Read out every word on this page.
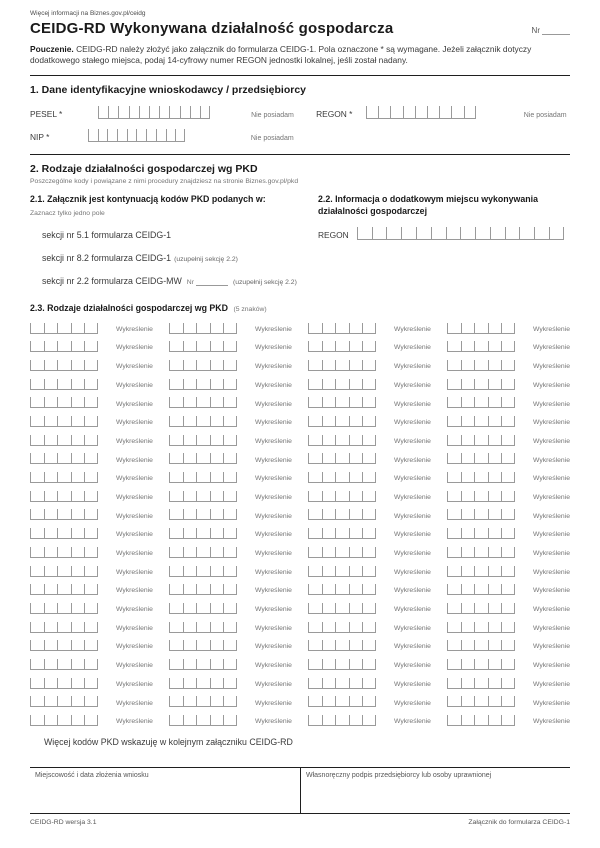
Więcej informacji na Biznes.gov.pl/ceidg
CEIDG-RD Wykonywana działalność gospodarcza	Nr
Pouczenie. CEIDG-RD należy złożyć jako załącznik do formularza CEIDG-1. Pola oznaczone * są wymagane. Jeżeli załącznik dotyczy dodatkowego stałego miejsca, podaj 14-cyfrowy numer REGON jednostki lokalnej, jeśli został nadany.
1. Dane identyfikacyjne wnioskodawcy / przedsiębiorcy
PESEL *	Nie posiadam	REGON *	Nie posiadam
NIP *	Nie posiadam
2. Rodzaje działalności gospodarczej wg PKD
Poszczególne kody i powiązane z nimi procedury znajdziesz na stronie Biznes.gov.pl/pkd
2.1. Załącznik jest kontynuacją kodów PKD podanych w:
Zaznacz tylko jedno pole
sekcji nr 5.1 formularza CEIDG-1
sekcji nr 8.2 formularza CEIDG-1 (uzupełnij sekcję 2.2)
sekcji nr 2.2 formularza CEIDG-MW Nr	(uzupełnij sekcję 2.2)
2.2. Informacja o dodatkowym miejscu wykonywania działalności gospodarczej
REGON
2.3. Rodzaje działalności gospodarczej wg PKD (5 znaków)
Wykreślenie	Wykreślenie	Wykreślenie	Wykreślenie
Wykreślenie	Wykreślenie	Wykreślenie	Wykreślenie
Wykreślenie	Wykreślenie	Wykreślenie	Wykreślenie
Wykreślenie	Wykreślenie	Wykreślenie	Wykreślenie
Wykreślenie	Wykreślenie	Wykreślenie	Wykreślenie
Wykreślenie	Wykreślenie	Wykreślenie	Wykreślenie
Wykreślenie	Wykreślenie	Wykreślenie	Wykreślenie
Wykreślenie	Wykreślenie	Wykreślenie	Wykreślenie
Wykreślenie	Wykreślenie	Wykreślenie	Wykreślenie
Wykreślenie	Wykreślenie	Wykreślenie	Wykreślenie
Wykreślenie	Wykreślenie	Wykreślenie	Wykreślenie
Wykreślenie	Wykreślenie	Wykreślenie	Wykreślenie
Wykreślenie	Wykreślenie	Wykreślenie	Wykreślenie
Wykreślenie	Wykreślenie	Wykreślenie	Wykreślenie
Wykreślenie	Wykreślenie	Wykreślenie	Wykreślenie
Wykreślenie	Wykreślenie	Wykreślenie	Wykreślenie
Wykreślenie	Wykreślenie	Wykreślenie	Wykreślenie
Wykreślenie	Wykreślenie	Wykreślenie	Wykreślenie
Wykreślenie	Wykreślenie	Wykreślenie	Wykreślenie
Wykreślenie	Wykreślenie	Wykreślenie	Wykreślenie
Wykreślenie	Wykreślenie	Wykreślenie	Wykreślenie
Wykreślenie	Wykreślenie	Wykreślenie	Wykreślenie
Więcej kodów PKD wskazuję w kolejnym załączniku CEIDG-RD
Miejscowość i data złożenia wniosku	Własnoręczny podpis przedsiębiorcy lub osoby uprawnionej
CEIDG-RD wersja 3.1	Załącznik do formularza CEIDG-1
